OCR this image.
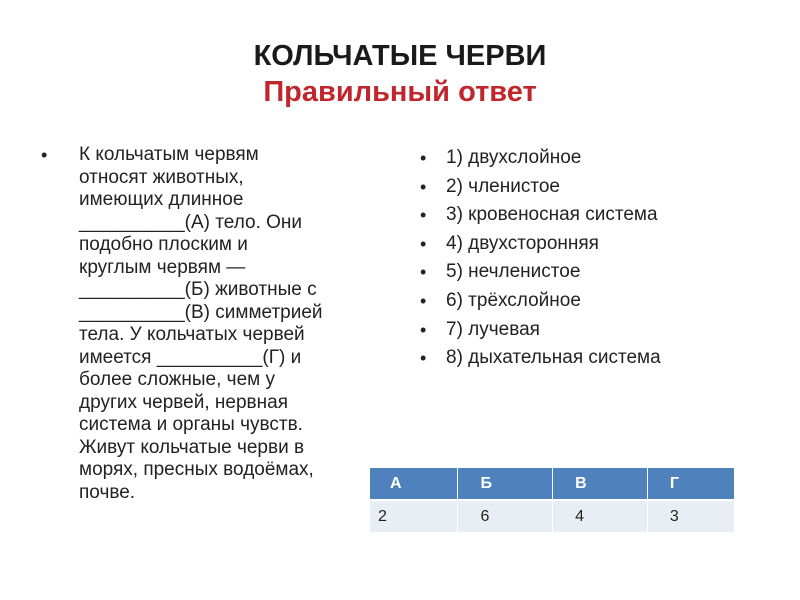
КОЛЬЧАТЫЕ ЧЕРВИ
Правильный ответ
•	К кольчатым червям
относят животных,
имеющих длинное
__________(А) тело. Они
подобно плоским и
круглым червям —
__________(Б) животные с
__________(В) симметрией
тела. У кольчатых червей
имеется __________(Г) и
более сложные, чем у
других червей, нервная
система и органы чувств.
Живут кольчатые черви в
морях, пресных водоёмах,
почве.
•	1) двухслойное
•	2) членистое
•	3) кровеносная система
•	4) двухсторонняя
•	5) нечленистое
•	6) трёхслойное
•	7) лучевая
•	8) дыхательная система
А	Б	В	Г
2	6	4	3
